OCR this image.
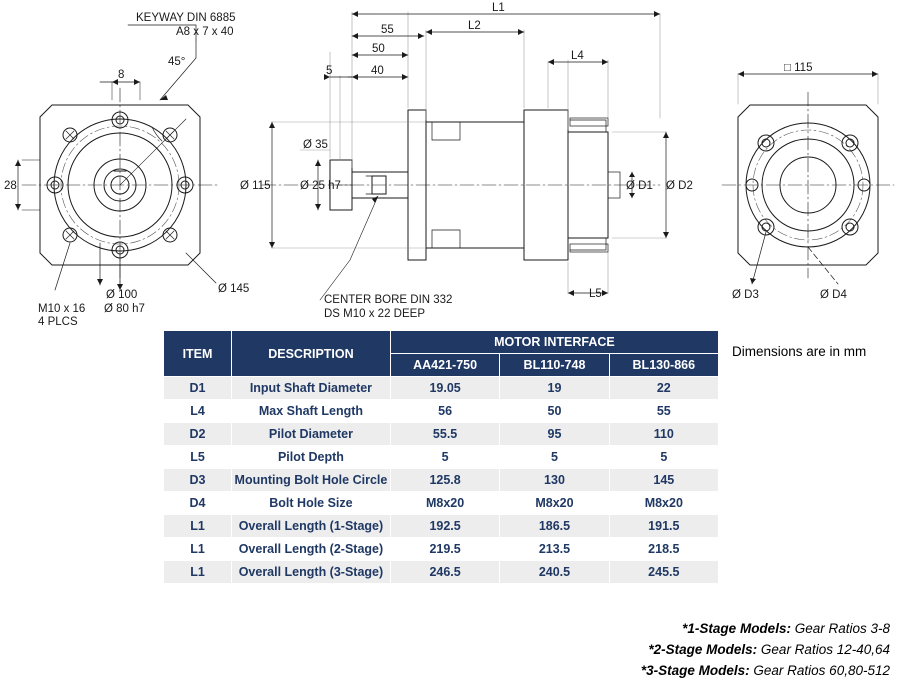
KEYWAY DIN 6885
A8 x 7 x 40
45°
8
28
Ø 100
Ø 80 h7
Ø 145
M10 x 16
4 PLCS
L1
L2
L4
L5
55
50
5	40
Ø 35
Ø 115	Ø 25 h7	Ø D1 Ø D2
CENTER BORE DIN 332
DS M10 x 22 DEEP
□ 115
Ø D3	Ø D4
ITEM	DESCRIPTION	MOTOR INTERFACE		
		AA421-750	BL110-748	BL130-866
D1	Input Shaft Diameter	19.05	19	22
L4	Max Shaft Length	56	50	55
D2	Pilot Diameter	55.5	95	110
L5	Pilot Depth	5	5	5
D3	Mounting Bolt Hole Circle	125.8	130	145
D4	Bolt Hole Size	M8x20	M8x20	M8x20
L1	Overall Length (1-Stage)	192.5	186.5	191.5
L1	Overall Length (2-Stage)	219.5	213.5	218.5
L1	Overall Length (3-Stage)	246.5	240.5	245.5
Dimensions are in mm
*1-Stage Models: Gear Ratios 3-8
*2-Stage Models: Gear Ratios 12-40,64
*3-Stage Models: Gear Ratios 60,80-512
